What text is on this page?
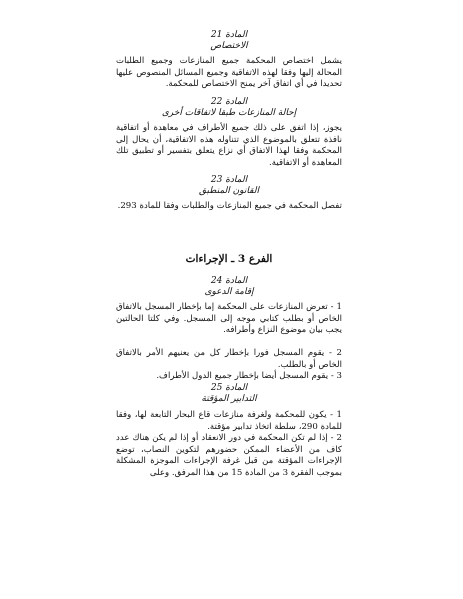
المادة 21

الاختصاص

يشمل اختصاص المحكمة جميع المنازعات وجميع الطلبات المحالة إليها وفقا لهذه الاتفاقية وجميع المسائل المنصوص عليها تحديدا في أي اتفاق آخر يمنح الاختصاص للمحكمة.

المادة 22

إحالة المنازعات طبقا لاتفاقات أخرى

يجوز، إذا اتفق على ذلك جميع الأطراف في معاهدة أو اتفاقية نافذة تتعلق بالموضوع الذي تتناوله هذه الاتفاقية، أن يحال إلى المحكمة وفقا لهذا الاتفاق أي نزاع يتعلق بتفسير أو تطبيق تلك المعاهدة أو الاتفاقية.

المادة 23

القانون المنطبق

تفصل المحكمة في جميع المنازعات والطلبات وفقا للمادة 293.

الفرع 3 ـ الإجراءات

المادة 24

إقامة الدعوى

1 - تعرض المنازعات على المحكمة إما بإخطار المسجل بالاتفاق الخاص أو بطلب كتابي موجه إلى المسجل. وفي كلتا الحالتين يجب بيان موضوع النزاع وأطرافه.

2 - يقوم المسجل فورا بإخطار كل من يعنيهم الأمر بالاتفاق الخاص أو بالطلب.

3 - يقوم المسجل أيضا بإخطار جميع الدول الأطراف.

المادة 25

التدابير المؤقتة

1 - يكون للمحكمة ولغرفة منازعات قاع البحار التابعة لها، وفقا للمادة 290، سلطة اتخاذ تدابير مؤقتة.

2 - إذا لم تكن المحكمة في دور الانعقاد أو إذا لم يكن هناك عدد كاف من الأعضاء الممكن حضورهم لتكوين النصاب، توضع الإجراءات المؤقتة من قبل غرفة الإجراءات الموجزة المشكلة بموجب الفقرة 3 من المادة 15 من هذا المرفق. وعلى
